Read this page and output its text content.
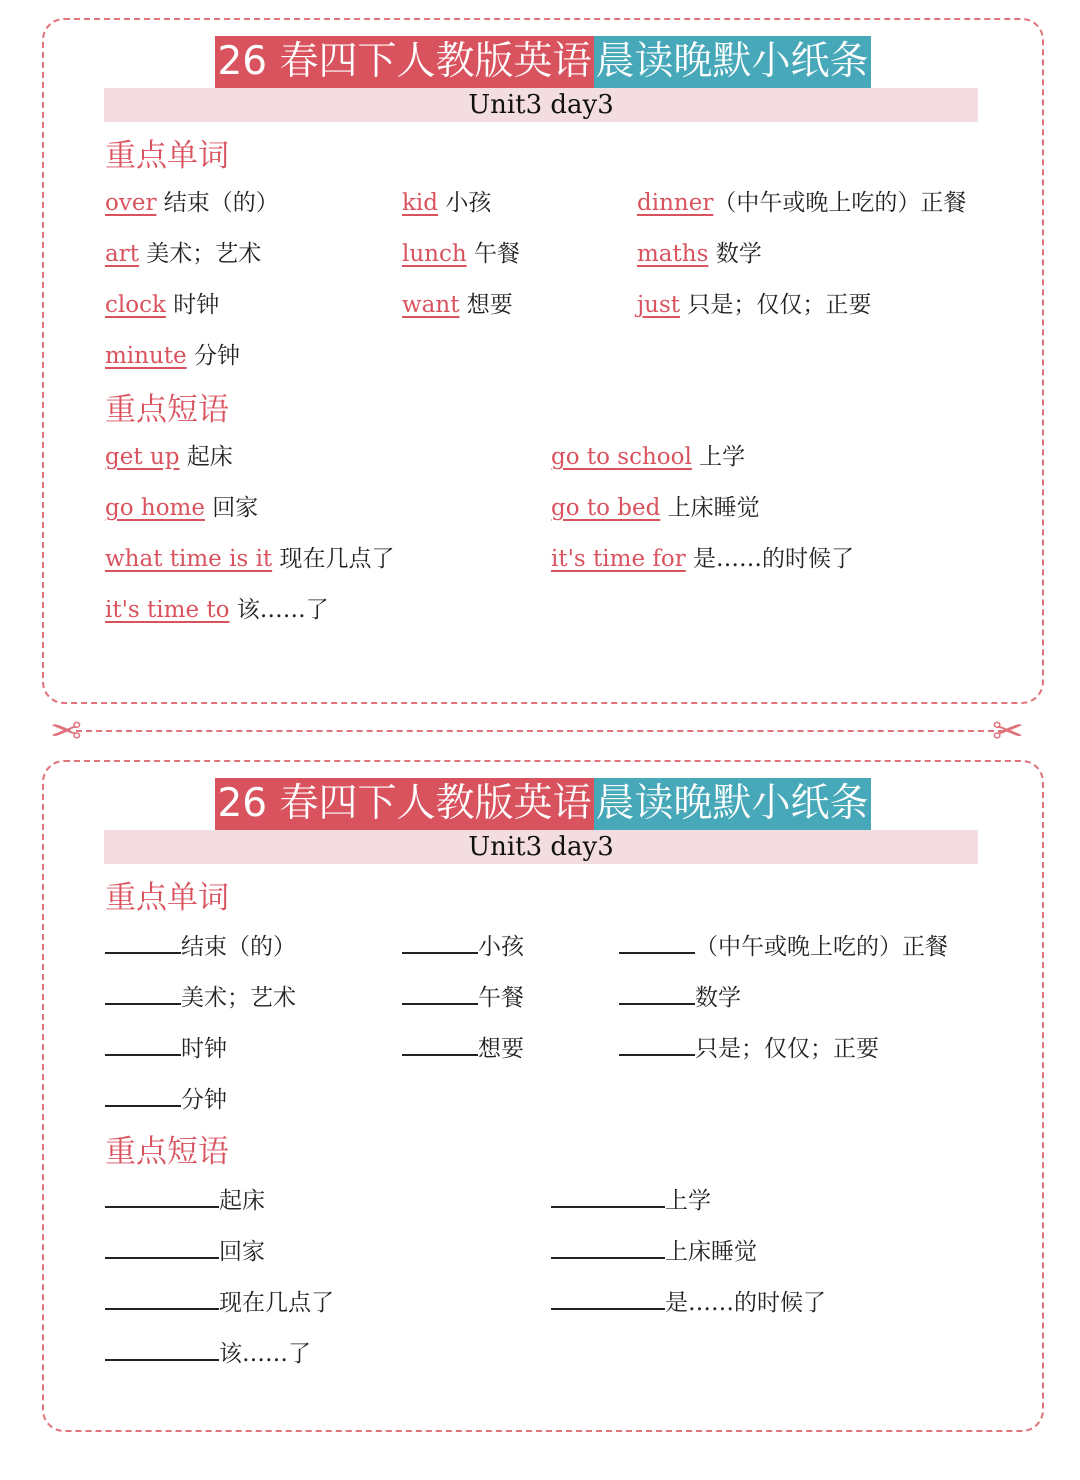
26 春四下人教版英语 晨读晚默小纸条
Unit3 day3
重点单词
over 结束（的）	kid 小孩	dinner（中午或晚上吃的）正餐
art 美术；艺术	lunch 午餐	maths 数学
clock 时钟	want 想要	just 只是；仅仅；正要
minute 分钟
重点短语
get up 起床	go to school 上学
go home 回家	go to bed 上床睡觉
what time is it 现在几点了	it's time for 是……的时候了
it's time to 该……了
✂	✂
26 春四下人教版英语 晨读晚默小纸条
Unit3 day3
重点单词
结束（的）	小孩	（中午或晚上吃的）正餐
美术；艺术	午餐	数学
时钟	想要	只是；仅仅；正要
分钟
重点短语
起床	上学
回家	上床睡觉
现在几点了	是……的时候了
该……了
